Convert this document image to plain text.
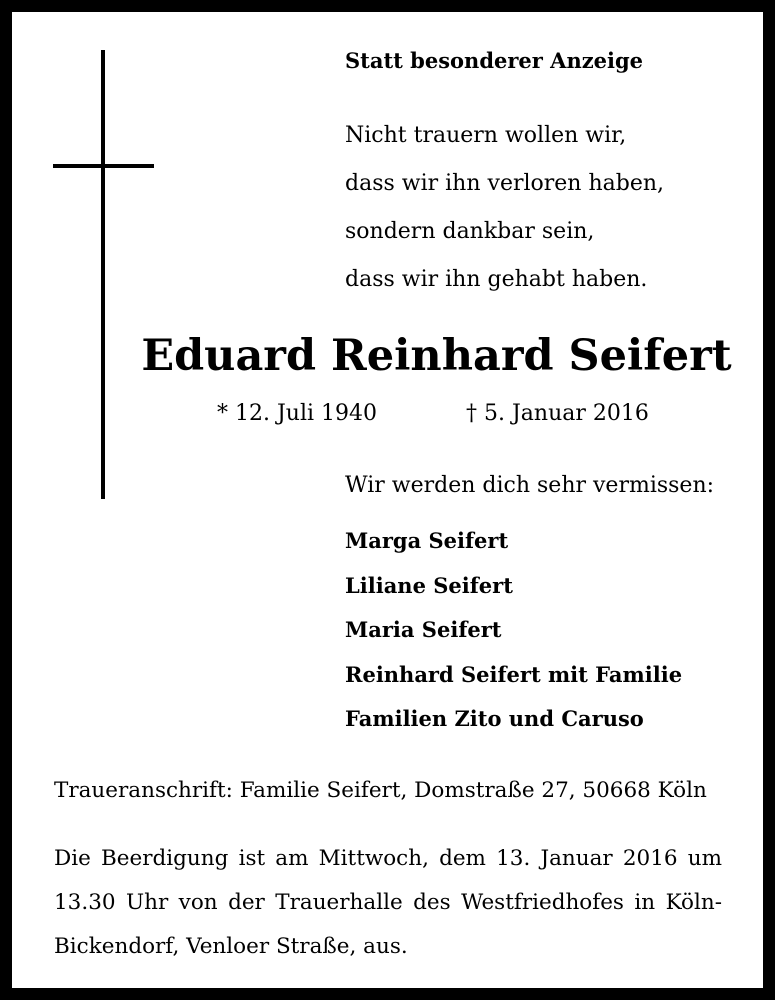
Statt besonderer Anzeige
Nicht trauern wollen wir,
dass wir ihn verloren haben,
sondern dankbar sein,
dass wir ihn gehabt haben.
Eduard Reinhard Seifert
* 12. Juli 1940	† 5. Januar 2016
Wir werden dich sehr vermissen:
Marga Seifert
Liliane Seifert
Maria Seifert
Reinhard Seifert mit Familie
Familien Zito und Caruso
Traueranschrift: Familie Seifert, Domstraße 27, 50668 Köln
Die Beerdigung ist am Mittwoch, dem 13. Januar 2016 um
13.30 Uhr von der Trauerhalle des Westfriedhofes in Köln-
Bickendorf, Venloer Straße, aus.
